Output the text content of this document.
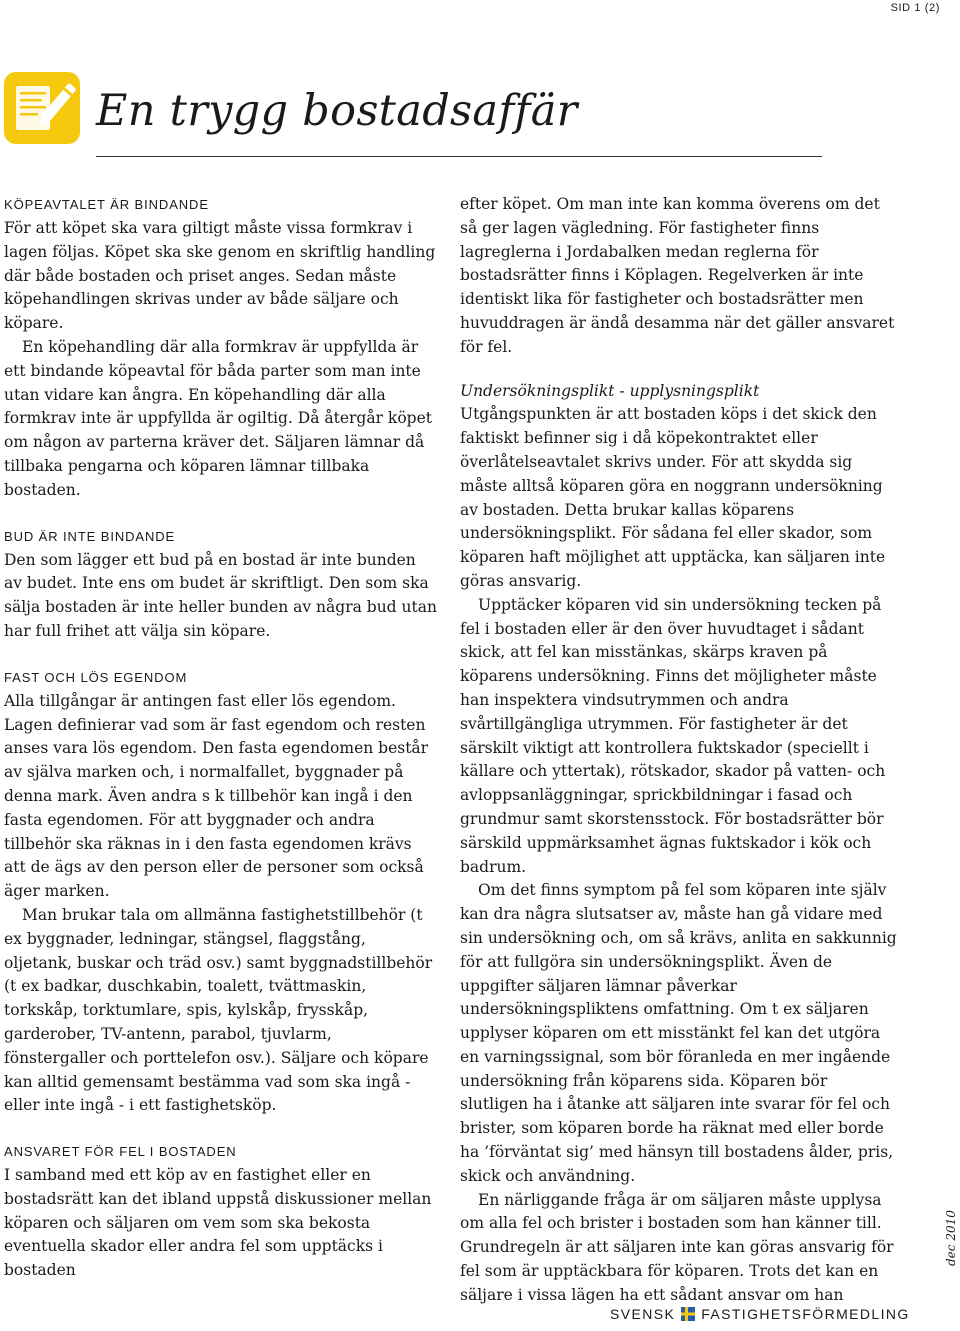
SID 1 (2)
En trygg bostadsaffär
KÖPEAVTALET ÄR BINDANDE

För att köpet ska vara giltigt måste vissa formkrav i lagen följas. Köpet ska ske genom en skriftlig handling där både bostaden och priset anges. Sedan måste köpehandlingen skrivas under av både säljare och köpare.

En köpehandling där alla formkrav är uppfyllda är ett bindande köpeavtal för båda parter som man inte utan vidare kan ångra. En köpehandling där alla formkrav inte är uppfyllda är ogiltig. Då återgår köpet om någon av parterna kräver det. Säljaren lämnar då tillbaka pengarna och köparen lämnar tillbaka bostaden.

BUD ÄR INTE BINDANDE

Den som lägger ett bud på en bostad är inte bunden av budet. Inte ens om budet är skriftligt. Den som ska sälja bostaden är inte heller bunden av några bud utan har full frihet att välja sin köpare.

FAST OCH LÖS EGENDOM

Alla tillgångar är antingen fast eller lös egendom. Lagen definierar vad som är fast egendom och resten anses vara lös egendom. Den fasta egendomen består av själva marken och, i normalfallet, byggnader på denna mark. Även andra s k tillbehör kan ingå i den fasta egendomen. För att byggnader och andra tillbehör ska räknas in i den fasta egendomen krävs att de ägs av den person eller de personer som också äger marken.

Man brukar tala om allmänna fastighetstillbehör (t ex byggnader, ledningar, stängsel, flaggstång, oljetank, buskar och träd osv.) samt byggnadstillbehör (t ex badkar, duschkabin, toalett, tvättmaskin, torkskåp, torktumlare, spis, kylskåp, frysskåp, garderober, TV-antenn, parabol, tjuvlarm, fönstergaller och porttelefon osv.). Säljare och köpare kan alltid gemensamt bestämma vad som ska ingå - eller inte ingå - i ett fastighetsköp.

ANSVARET FÖR FEL I BOSTADEN

I samband med ett köp av en fastighet eller en bostadsrätt kan det ibland uppstå diskussioner mellan köparen och säljaren om vem som ska bekosta eventuella skador eller andra fel som upptäcks i bostaden

efter köpet. Om man inte kan komma överens om det så ger lagen vägledning. För fastigheter finns lagreglerna i Jordabalken medan reglerna för bostadsrätter finns i Köplagen. Regelverken är inte identiskt lika för fastigheter och bostadsrätter men huvuddragen är ändå desamma när det gäller ansvaret för fel.

Undersökningsplikt - upplysningsplikt

Utgångspunkten är att bostaden köps i det skick den faktiskt befinner sig i då köpekontraktet eller överlåtelseavtalet skrivs under. För att skydda sig måste alltså köparen göra en noggrann undersökning av bostaden. Detta brukar kallas köparens undersökningsplikt. För sådana fel eller skador, som köparen haft möjlighet att upptäcka, kan säljaren inte göras ansvarig.

Upptäcker köparen vid sin undersökning tecken på fel i bostaden eller är den över huvudtaget i sådant skick, att fel kan misstänkas, skärps kraven på köparens undersökning. Finns det möjligheter måste han inspektera vindsutrymmen och andra svårtillgängliga utrymmen. För fastigheter är det särskilt viktigt att kontrollera fuktskador (speciellt i källare och yttertak), rötskador, skador på vatten- och avloppsanläggningar, sprickbildningar i fasad och grundmur samt skorstensstock. För bostadsrätter bör särskild uppmärksamhet ägnas fuktskador i kök och badrum.

Om det finns symptom på fel som köparen inte själv kan dra några slutsatser av, måste han gå vidare med sin undersökning och, om så krävs, anlita en sakkunnig för att fullgöra sin undersökningsplikt. Även de uppgifter säljaren lämnar påverkar undersökningspliktens omfattning. Om t ex säljaren upplyser köparen om ett misstänkt fel kan det utgöra en varningssignal, som bör föranleda en mer ingående undersökning från köparens sida. Köparen bör slutligen ha i åtanke att säljaren inte svarar för fel och brister, som köparen borde ha räknat med eller borde ha ’förväntat sig’ med hänsyn till bostadens ålder, pris, skick och användning.

En närliggande fråga är om säljaren måste upplysa om alla fel och brister i bostaden som han känner till. Grundregeln är att säljaren inte kan göras ansvarig för fel som är upptäckbara för köparen. Trots det kan en säljare i vissa lägen ha ett sådant ansvar om han

dec 2010
SVENSK FASTIGHETSFÖRMEDLING
